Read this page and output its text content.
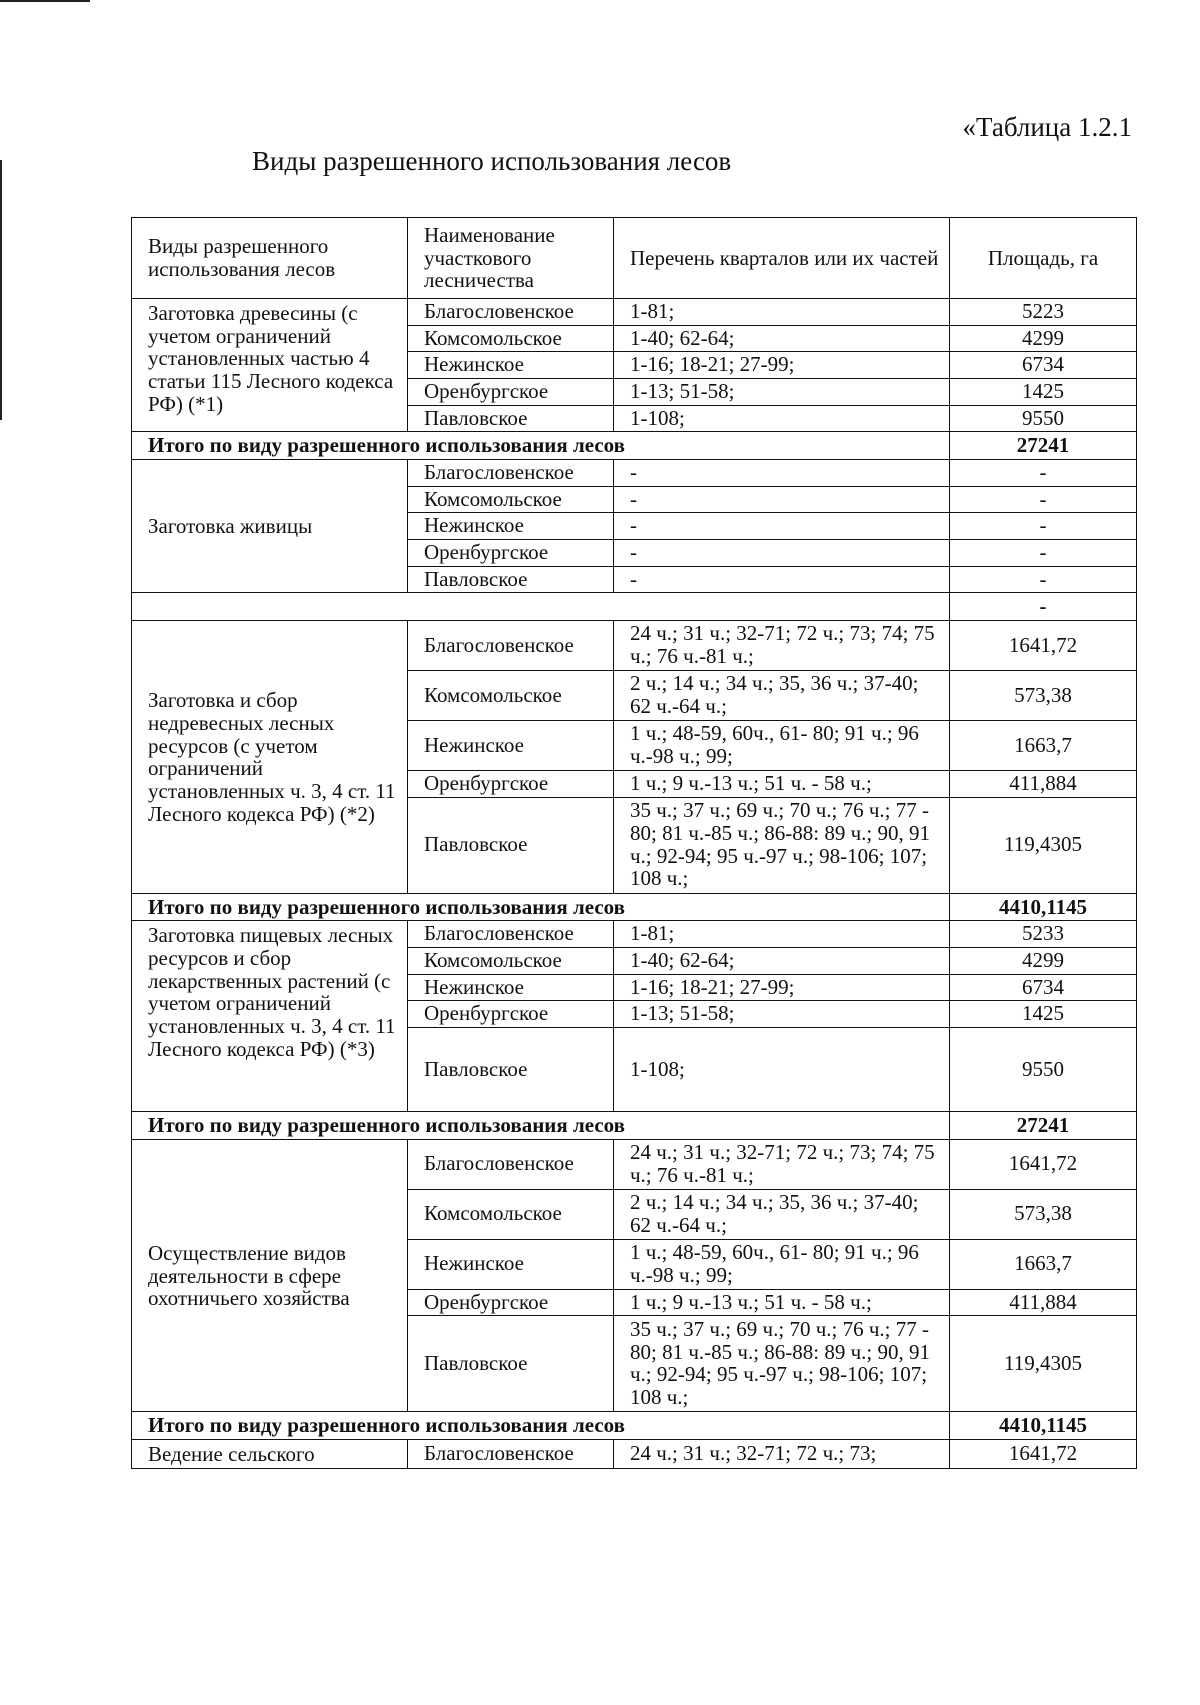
«Таблица 1.2.1
Виды разрешенного использования лесов
Виды разрешенного использования лесов	Наименование участкового лесничества	Перечень кварталов или их частей	Площадь, га
Заготовка древесины (с учетом ограничений установленных частью 4 статьи 115 Лесного кодекса РФ) (*1)	Благословенское	1-81;	5223
	Комсомольское	1-40; 62-64;	4299
	Нежинское	1-16; 18-21; 27-99;	6734
	Оренбургское	1-13; 51-58;	1425
	Павловское	1-108;	9550
Итого по виду разрешенного использования лесов			27241
Заготовка живицы	Благословенское	-	-
	Комсомольское	-	-
	Нежинское	-	-
	Оренбургское	-	-
	Павловское	-	-
			-
Заготовка и сбор недревесных лесных ресурсов (с учетом ограничений установленных ч. 3, 4 ст. 11 Лесного кодекса РФ) (*2)	Благословенское	24 ч.; 31 ч.; 32-71; 72 ч.; 73; 74; 75 ч.; 76 ч.-81 ч.;	1641,72
	Комсомольское	2 ч.; 14 ч.; 34 ч.; 35, 36 ч.; 37-40; 62 ч.-64 ч.;	573,38
	Нежинское	1 ч.; 48-59, 60ч., 61- 80; 91 ч.; 96 ч.-98 ч.; 99;	1663,7
	Оренбургское	1 ч.; 9 ч.-13 ч.; 51 ч. - 58 ч.;	411,884
	Павловское	35 ч.; 37 ч.; 69 ч.; 70 ч.; 76 ч.; 77 - 80; 81 ч.-85 ч.; 86-88: 89 ч.; 90, 91 ч.; 92-94; 95 ч.-97 ч.; 98-106; 107; 108 ч.;	119,4305
Итого по виду разрешенного использования лесов			4410,1145
Заготовка пищевых лесных ресурсов и сбор лекарственных растений (с учетом ограничений установленных ч. 3, 4 ст. 11 Лесного кодекса РФ) (*3)	Благословенское	1-81;	5233
	Комсомольское	1-40; 62-64;	4299
	Нежинское	1-16; 18-21; 27-99;	6734
	Оренбургское	1-13; 51-58;	1425
	Павловское	1-108;	9550
Итого по виду разрешенного использования лесов			27241
Осуществление видов деятельности в сфере охотничьего хозяйства	Благословенское	24 ч.; 31 ч.; 32-71; 72 ч.; 73; 74; 75 ч.; 76 ч.-81 ч.;	1641,72
	Комсомольское	2 ч.; 14 ч.; 34 ч.; 35, 36 ч.; 37-40; 62 ч.-64 ч.;	573,38
	Нежинское	1 ч.; 48-59, 60ч., 61- 80; 91 ч.; 96 ч.-98 ч.; 99;	1663,7
	Оренбургское	1 ч.; 9 ч.-13 ч.; 51 ч. - 58 ч.;	411,884
	Павловское	35 ч.; 37 ч.; 69 ч.; 70 ч.; 76 ч.; 77 - 80; 81 ч.-85 ч.; 86-88: 89 ч.; 90, 91 ч.; 92-94; 95 ч.-97 ч.; 98-106; 107; 108 ч.;	119,4305
Итого по виду разрешенного использования лесов			4410,1145
Ведение сельского	Благословенское	24 ч.; 31 ч.; 32-71; 72 ч.; 73;	1641,72
